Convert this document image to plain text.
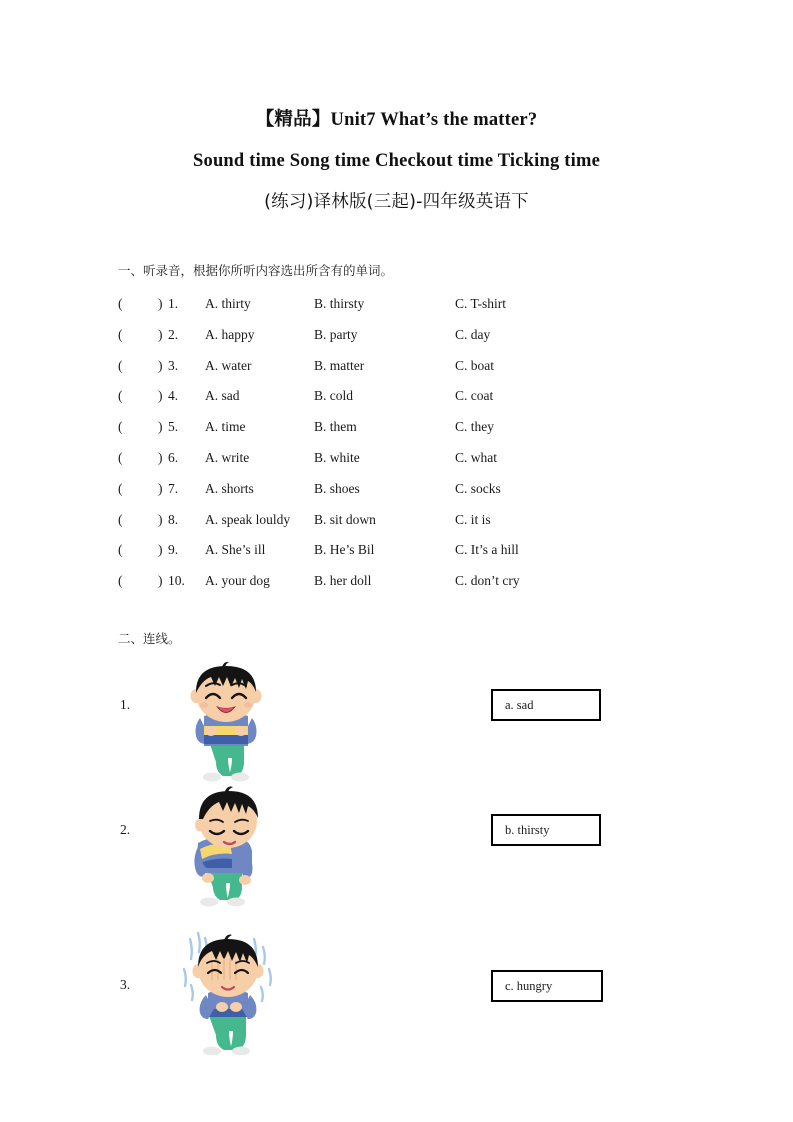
【精品】Unit7 What’s the matter?
Sound time Song time Checkout time Ticking time
(练习)译林版(三起)-四年级英语下
一、听录音，根据你所听内容选出所含有的单词。
(	) 1. A. thirty	B. thirsty	C. T-shirt
(	) 2. A. happy	B. party	C. day
(	) 3. A. water	B. matter	C. boat
(	) 4. A. sad	B. cold	C. coat
(	) 5. A. time	B. them	C. they
(	) 6. A. write	B. white	C. what
(	) 7. A. shorts	B. shoes	C. socks
(	) 8. A. speak louldy B. sit down	C. it is
(	) 9. A. She’s ill	B. He’s Bil	C. It’s a hill
(	) 10. A. your dog	B. her doll	C. don’t cry
二、连线。
1.	a. sad
2.	b. thirsty
3.	c. hungry
